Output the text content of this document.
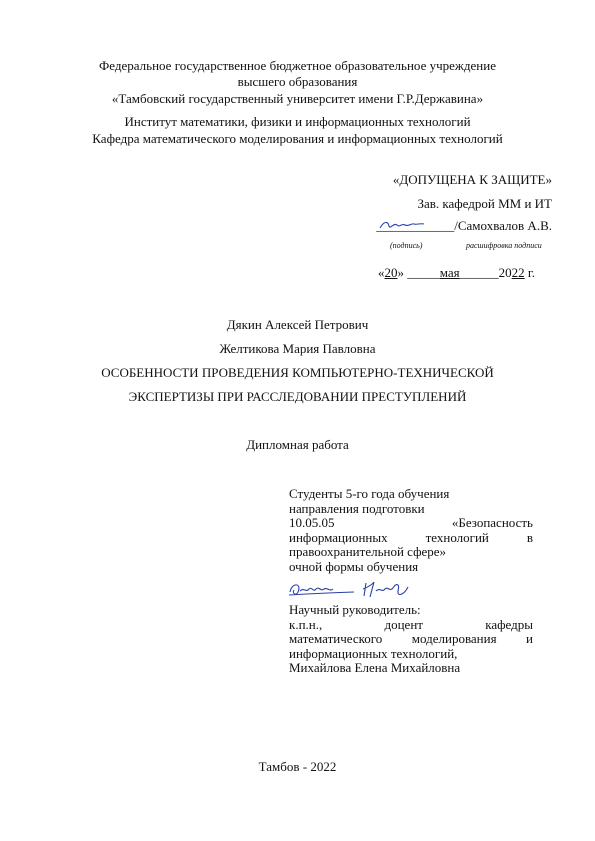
Федеральное государственное бюджетное образовательное учреждение
высшего образования
«Тамбовский государственный университет имени Г.Р.Державина»
Институт математики, физики и информационных технологий
Кафедра математического моделирования и информационных технологий
«ДОПУЩЕНА К ЗАЩИТЕ»
Зав. кафедрой ММ и ИТ
____________/Самохвалов А.В.
(подпись)	расшифровка подписи
«20» _____мая______2022 г.
Дякин Алексей Петрович
Желтикова Мария Павловна
ОСОБЕННОСТИ ПРОВЕДЕНИЯ КОМПЬЮТЕРНО-ТЕХНИЧЕСКОЙ
ЭКСПЕРТИЗЫ ПРИ РАССЛЕДОВАНИИ ПРЕСТУПЛЕНИЙ
Дипломная работа
Студенты 5-го года обучения
направления подготовки
10.05.05 «Безопасность
информационных технологий в
правоохранительной сфере»
очной формы обучения
Научный руководитель:
к.п.н., доцент кафедры
математического моделирования и
информационных технологий,
Михайлова Елена Михайловна
Тамбов - 2022
